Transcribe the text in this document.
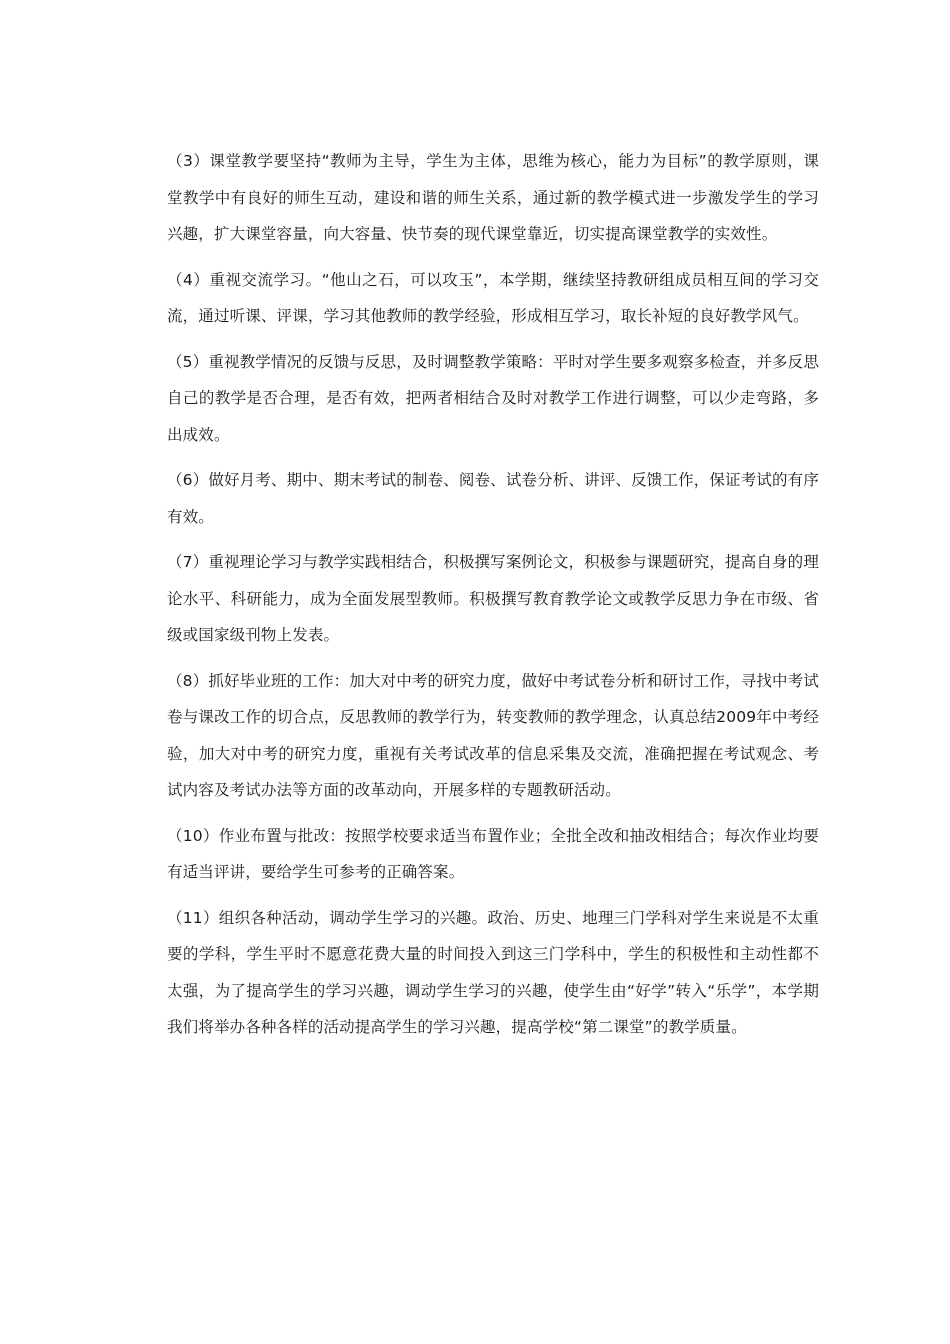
（3）课堂教学要坚持“教师为主导，学生为主体，思维为核心，能力为目标”的教学原则，课堂教学中有良好的师生互动，建设和谐的师生关系，通过新的教学模式进一步激发学生的学习兴趣，扩大课堂容量，向大容量、快节奏的现代课堂靠近，切实提高课堂教学的实效性。

（4）重视交流学习。“他山之石，可以攻玉”，本学期，继续坚持教研组成员相互间的学习交流，通过听课、评课，学习其他教师的教学经验，形成相互学习，取长补短的良好教学风气。

（5）重视教学情况的反馈与反思，及时调整教学策略：平时对学生要多观察多检查，并多反思自己的教学是否合理，是否有效，把两者相结合及时对教学工作进行调整，可以少走弯路，多出成效。

（6）做好月考、期中、期末考试的制卷、阅卷、试卷分析、讲评、反馈工作，保证考试的有序有效。

（7）重视理论学习与教学实践相结合，积极撰写案例论文，积极参与课题研究，提高自身的理论水平、科研能力，成为全面发展型教师。积极撰写教育教学论文或教学反思力争在市级、省级或国家级刊物上发表。

（8）抓好毕业班的工作：加大对中考的研究力度，做好中考试卷分析和研讨工作，寻找中考试卷与课改工作的切合点，反思教师的教学行为，转变教师的教学理念，认真总结2009年中考经验，加大对中考的研究力度，重视有关考试改革的信息采集及交流，准确把握在考试观念、考试内容及考试办法等方面的改革动向，开展多样的专题教研活动。

（10）作业布置与批改：按照学校要求适当布置作业；全批全改和抽改相结合；每次作业均要有适当评讲，要给学生可参考的正确答案。

（11）组织各种活动，调动学生学习的兴趣。政治、历史、地理三门学科对学生来说是不太重要的学科，学生平时不愿意花费大量的时间投入到这三门学科中，学生的积极性和主动性都不太强，为了提高学生的学习兴趣，调动学生学习的兴趣，使学生由“好学”转入“乐学”，本学期我们将举办各种各样的活动提高学生的学习兴趣，提高学校“第二课堂”的教学质量。
